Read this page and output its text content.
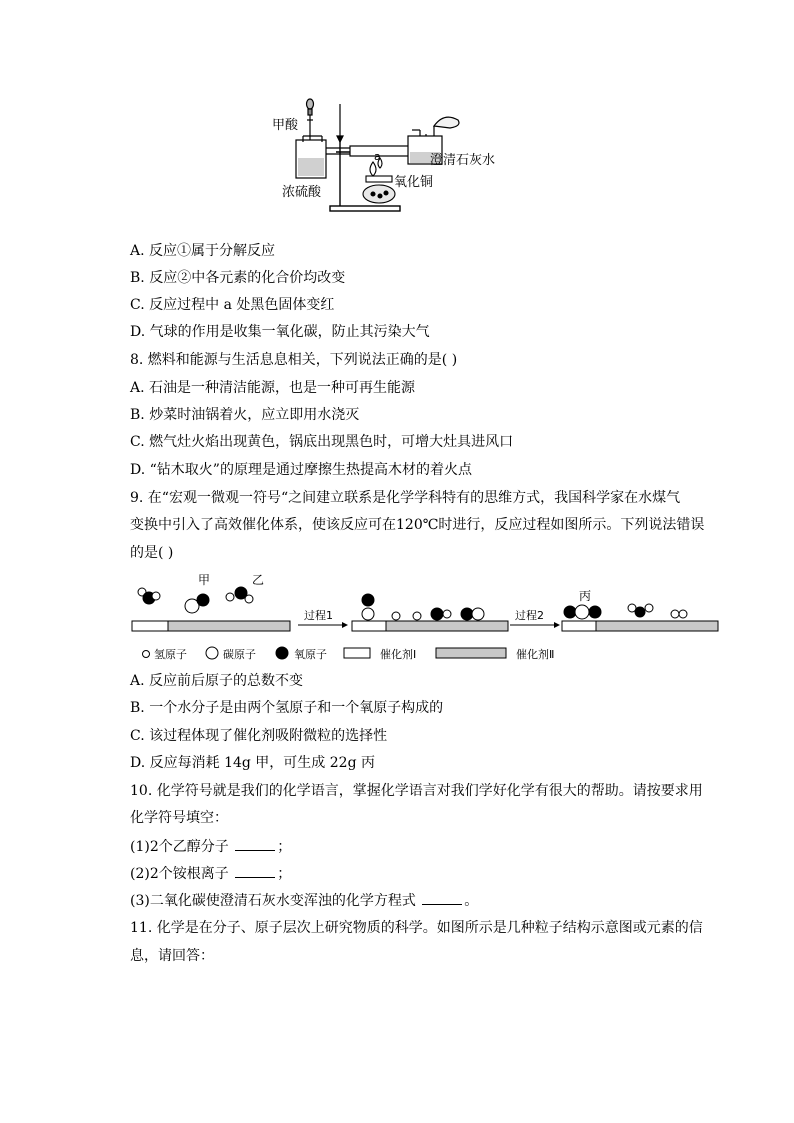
甲酸
浓硫酸
a	澄清石灰水
氧化铜
A. 反应①属于分解反应
B. 反应②中各元素的化合价均改变
C. 反应过程中 a 处黑色固体变红
D. 气球的作用是收集一氧化碳，防止其污染大气
8. 燃料和能源与生活息息相关，下列说法正确的是( )
A. 石油是一种清洁能源，也是一种可再生能源
B. 炒菜时油锅着火，应立即用水浇灭
C. 燃气灶火焰出现黄色，锅底出现黑色时，可增大灶具进风口
D. “钻木取火”的原理是通过摩擦生热提高木材的着火点
9. 在“宏观一微观一符号“之间建立联系是化学学科特有的思维方式，我国科学家在水煤气
变换中引入了高效催化体系，使该反应可在120℃时进行，反应过程如图所示。下列说法错误
的是( )
甲	乙
过程1	过程2
丙
氢原子	碳原子	氧原子	催化剂Ⅰ	催化剂Ⅱ
A. 反应前后原子的总数不变
B. 一个水分子是由两个氢原子和一个氧原子构成的
C. 该过程体现了催化剂吸附微粒的选择性
D. 反应每消耗 14g 甲，可生成 22g 丙
10. 化学符号就是我们的化学语言，掌握化学语言对我们学好化学有很大的帮助。请按要求用
化学符号填空：
(1)2个乙醇分子	；
(2)2个铵根离子	；
(3)二氧化碳使澄清石灰水变浑浊的化学方程式	。
11. 化学是在分子、原子层次上研究物质的科学。如图所示是几种粒子结构示意图或元素的信
息，请回答：
